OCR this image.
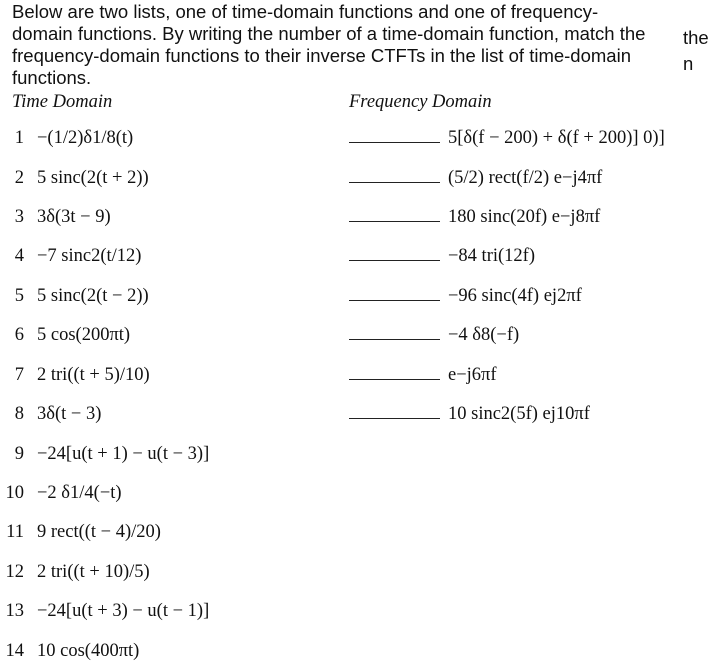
Below are two lists, one of time-domain functions and one of frequency-
domain functions. By writing the number of a time-domain function, match the
frequency-domain functions to their inverse CTFTs in the list of time-domain
functions.
the
n
Time Domain	Frequency Domain
1 −(1/2)δ1/8(t)
2 5 sinc(2(t + 2))
3 3δ(3t − 9)
4 −7 sinc2(t/12)
5 5 sinc(2(t − 2))
6 5 cos(200πt)
7 2 tri((t + 5)/10)
8 3δ(t − 3)
9 −24[u(t + 1) − u(t − 3)]
10 −2 δ1/4(−t)
11 9 rect((t − 4)/20)
12 2 tri((t + 10)/5)
13 −24[u(t + 3) − u(t − 1)]
14 10 cos(400πt)
5[δ(f − 200) + δ(f + 200)] 0)]
(5/2) rect(f/2) e−j4πf
180 sinc(20f) e−j8πf
−84 tri(12f)
−96 sinc(4f) ej2πf
−4 δ8(−f)
e−j6πf
10 sinc2(5f) ej10πf
